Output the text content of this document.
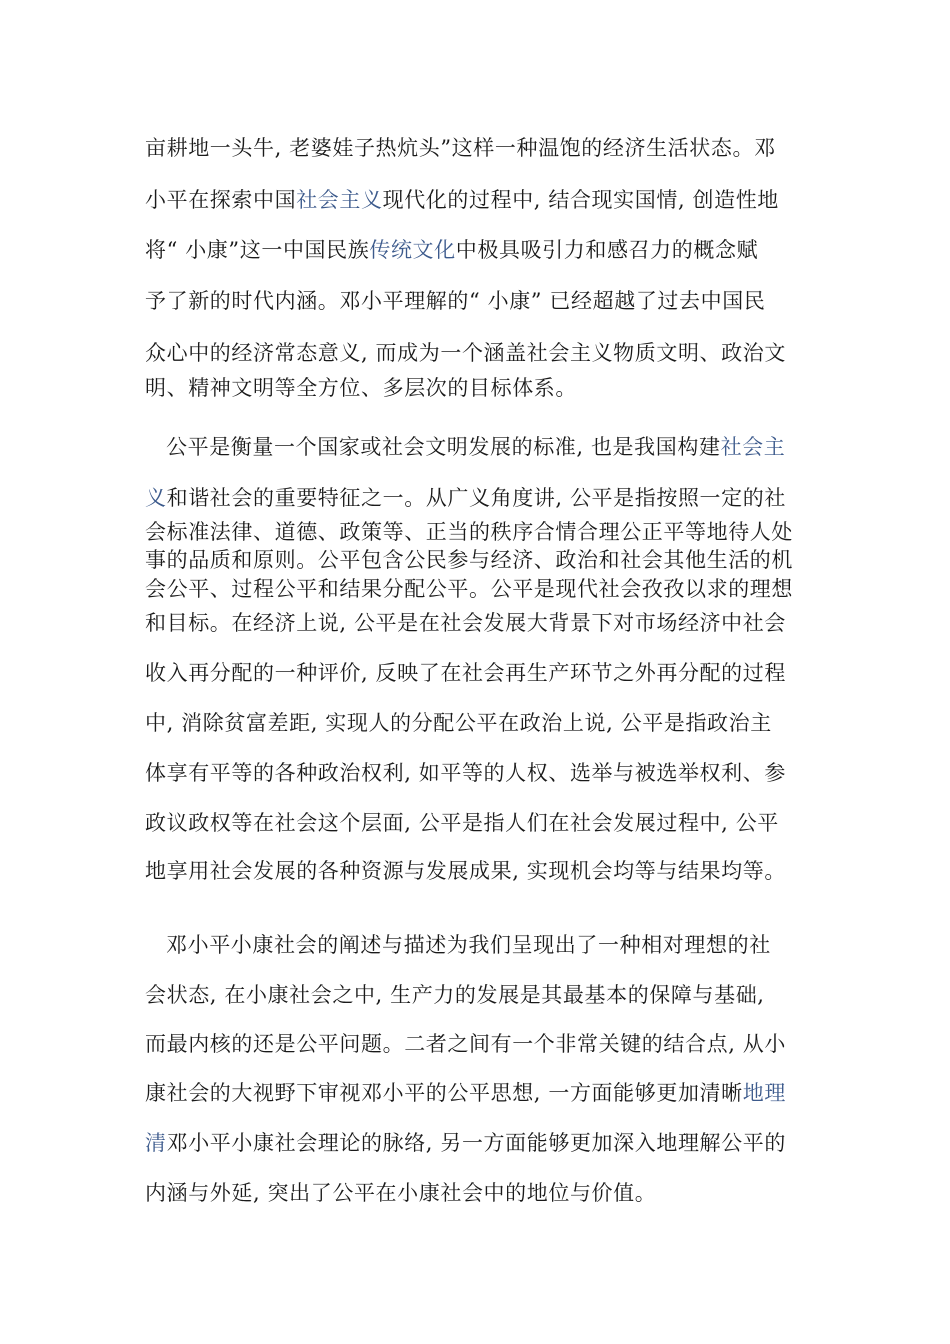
亩耕地一头牛, 老婆娃子热炕头”这样一种温饱的经济生活状态。邓
小平在探索中国社会主义现代化的过程中, 结合现实国情, 创造性地
将“ 小康”这一中国民族传统文化中极具吸引力和感召力的概念赋
予了新的时代内涵。邓小平理解的“ 小康” 已经超越了过去中国民
众心中的经济常态意义, 而成为一个涵盖社会主义物质文明、政治文
明、精神文明等全方位、多层次的目标体系。
公平是衡量一个国家或社会文明发展的标准, 也是我国构建社会主
义和谐社会的重要特征之一。从广义角度讲, 公平是指按照一定的社
会标准法律、道德、政策等、正当的秩序合情合理公正平等地待人处
事的品质和原则。公平包含公民参与经济、政治和社会其他生活的机
会公平、过程公平和结果分配公平。公平是现代社会孜孜以求的理想
和目标。在经济上说, 公平是在社会发展大背景下对市场经济中社会
收入再分配的一种评价, 反映了在社会再生产环节之外再分配的过程
中, 消除贫富差距, 实现人的分配公平在政治上说, 公平是指政治主
体享有平等的各种政治权利, 如平等的人权、选举与被选举权利、参
政议政权等在社会这个层面, 公平是指人们在社会发展过程中, 公平
地享用社会发展的各种资源与发展成果, 实现机会均等与结果均等。
邓小平小康社会的阐述与描述为我们呈现出了一种相对理想的社
会状态, 在小康社会之中, 生产力的发展是其最基本的保障与基础,
而最内核的还是公平问题。二者之间有一个非常关键的结合点, 从小
康社会的大视野下审视邓小平的公平思想, 一方面能够更加清晰地理
清邓小平小康社会理论的脉络, 另一方面能够更加深入地理解公平的
内涵与外延, 突出了公平在小康社会中的地位与价值。
